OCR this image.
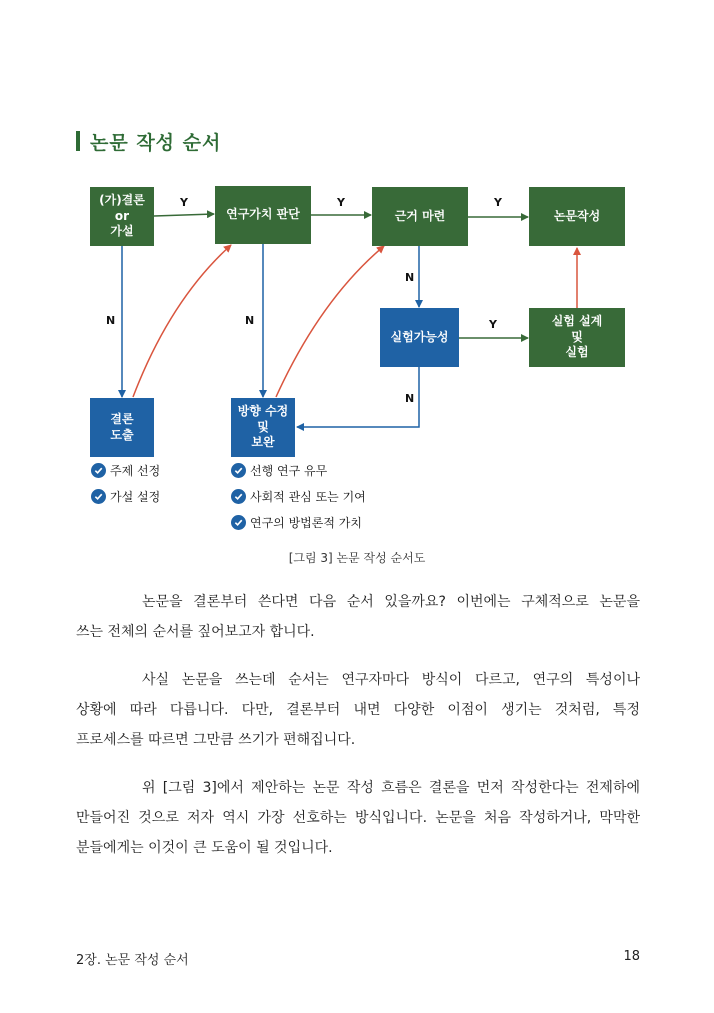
논문 작성 순서
(가)결론
or
가설
연구가치 판단	근거 마련	논문작성
실험가능성
실험 설계
및
실험
결론
도출
방향 수정
및
보완
Y	Y	Y
Y
N	N
N
N
주제 선정
가설 설정
선행 연구 유무
사회적 관심 또는 기여
연구의 방법론적 가치
[그림 3] 논문 작성 순서도
논문을 결론부터 쓴다면 다음 순서 있을까요? 이번에는 구체적으로 논문을
쓰는 전체의 순서를 짚어보고자 합니다.
사실 논문을 쓰는데 순서는 연구자마다 방식이 다르고, 연구의 특성이나
상황에 따라 다릅니다. 다만, 결론부터 내면 다양한 이점이 생기는 것처럼, 특정
프로세스를 따르면 그만큼 쓰기가 편해집니다.
위 [그림 3]에서 제안하는 논문 작성 흐름은 결론을 먼저 작성한다는 전제하에
만들어진 것으로 저자 역시 가장 선호하는 방식입니다. 논문을 처음 작성하거나, 막막한
분들에게는 이것이 큰 도움이 될 것입니다.
2장. 논문 작성 순서	18
